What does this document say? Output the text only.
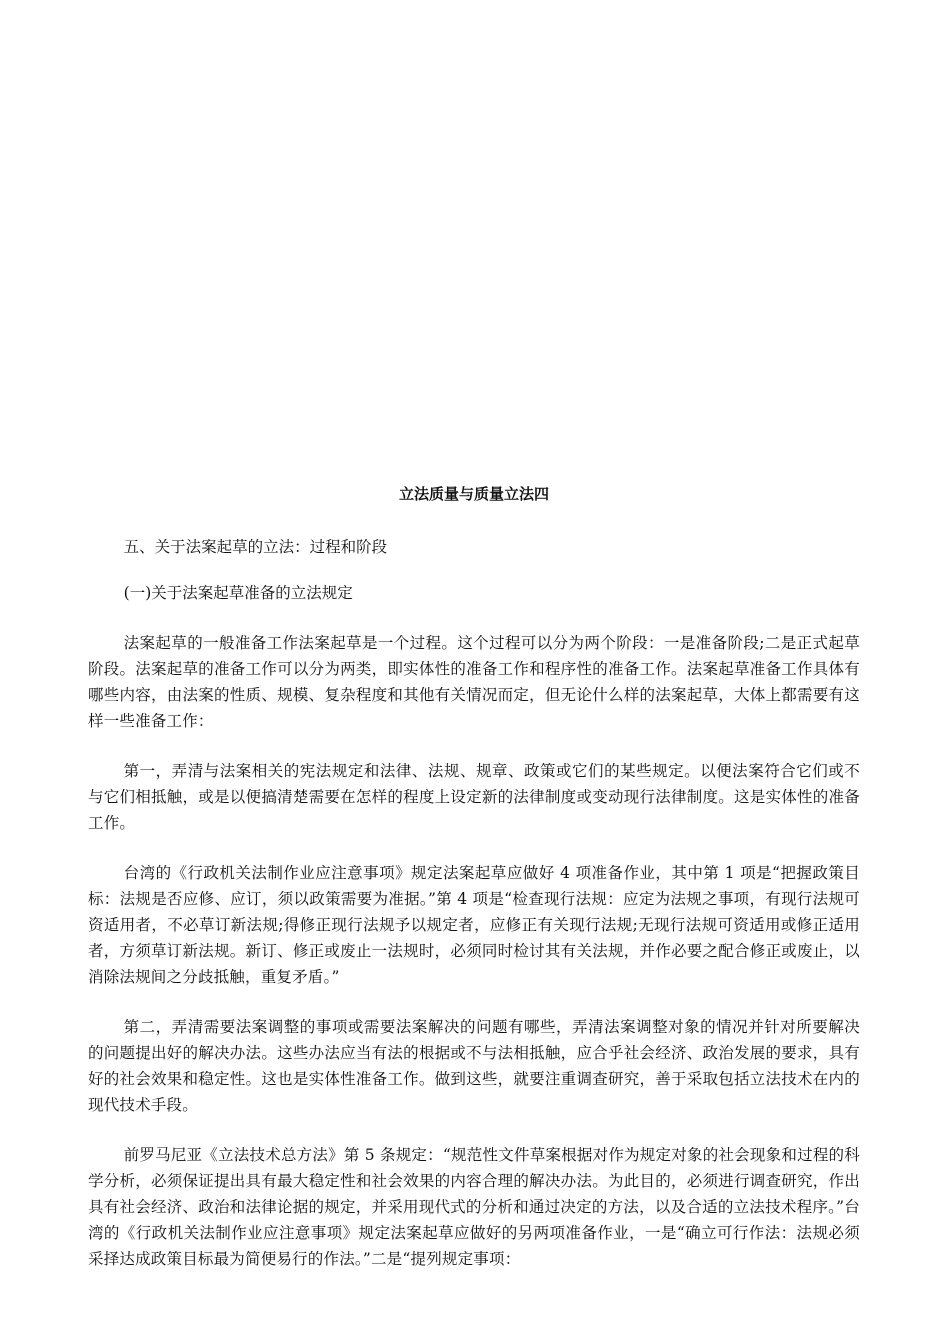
立法质量与质量立法四

五、关于法案起草的立法：过程和阶段

(一)关于法案起草准备的立法规定

法案起草的一般准备工作法案起草是一个过程。这个过程可以分为两个阶段：一是准备阶段;二是正式起草阶段。法案起草的准备工作可以分为两类，即实体性的准备工作和程序性的准备工作。法案起草准备工作具体有哪些内容，由法案的性质、规模、复杂程度和其他有关情况而定，但无论什么样的法案起草，大体上都需要有这样一些准备工作：

第一，弄清与法案相关的宪法规定和法律、法规、规章、政策或它们的某些规定。以便法案符合它们或不与它们相抵触，或是以便搞清楚需要在怎样的程度上设定新的法律制度或变动现行法律制度。这是实体性的准备工作。

台湾的《行政机关法制作业应注意事项》规定法案起草应做好 4 项准备作业，其中第 1 项是“把握政策目标：法规是否应修、应订，须以政策需要为准据。”第 4 项是“检查现行法规：应定为法规之事项，有现行法规可资适用者，不必草订新法规;得修正现行法规予以规定者，应修正有关现行法规;无现行法规可资适用或修正适用者，方须草订新法规。新订、修正或废止一法规时，必须同时检讨其有关法规，并作必要之配合修正或废止，以消除法规间之分歧抵触，重复矛盾。”

第二，弄清需要法案调整的事项或需要法案解决的问题有哪些，弄清法案调整对象的情况并针对所要解决的问题提出好的解决办法。这些办法应当有法的根据或不与法相抵触，应合乎社会经济、政治发展的要求，具有好的社会效果和稳定性。这也是实体性准备工作。做到这些，就要注重调查研究，善于采取包括立法技术在内的现代技术手段。

前罗马尼亚《立法技术总方法》第 5 条规定：“规范性文件草案根据对作为规定对象的社会现象和过程的科学分析，必须保证提出具有最大稳定性和社会效果的内容合理的解决办法。为此目的，必须进行调查研究，作出具有社会经济、政治和法律论据的规定，并采用现代式的分析和通过决定的方法，以及合适的立法技术程序。”台湾的《行政机关法制作业应注意事项》规定法案起草应做好的另两项准备作业，一是“确立可行作法：法规必须采择达成政策目标最为简便易行的作法。”二是“提列规定事项：
